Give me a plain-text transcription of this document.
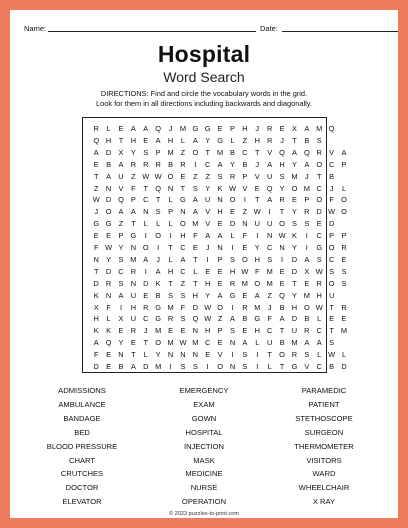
Name:	Date:
Hospital
Word Search
DIRECTIONS: Find and circle the vocabulary words in the grid.
Look for them in all directions including backwards and diagonally.
R	L	E	A	A Q	J	M G G E	P H	J	R E	X	A M Q
Q H	T	H E	A H	L	A	Y G	L	Z	H R	J	T	B	S
A D X	Y	S	P M Z O T M B C	T	V Q A Q R V	A
E	B	A R R R B R	I	C A	Y	B	J	A H Y	A O C P
T	A U	Z W W O E	Z	Z	S R P	V U S M	J	T	B
Z	N V	F	T Q N	T	S	Y	K W V	E Q Y O M C	J	L
W D Q P C	T	L	G A U N O	I	T	A R E	P O F O
J	O A	A N S	P N A	V H E	Z W	I	T	Y R D W O
G G Z	T	L	L	L	O M V	E D N U U O S	S	E D
E	E	P G	I	O	I	H	F	A	A	L	F	I	N W K	I	C P	P
F W Y N O	I	T	C E	J	N	I	E	Y C N Y	I	G O R
N Y	S M A	J	L	A	T	I	P	S O H S	I	D A	S C E
T	D C R	I	A H C	L	E	E H W F M E D X W S	S
D R S N D K	T	Z	T	H E R M O M E	T	E R O S
K N A U E	B	S	S H Y	A G E	A	Z Q Y M H U
X	F	I	H R G M F	D W O	I	R M	J	B H O W T	R
H	L	X U C G R S Q W Z	A	B G F	A D B	L	E	E
K	K	E R	J	M E	E N H P	S	E H C	T	U R C	T M
A Q Y	E	T O M W M C E N A	L	U B M A	A	S
F	E N	T	L	Y N N N E	V	I	S	I	T O R S	L W L
D E	B	A D M	I	S	S	I	O N S	I	L	T G V C B D
ADMISSIONS
AMBULANCE
BANDAGE
BED
BLOOD PRESSURE
CHART
CRUTCHES
DOCTOR
ELEVATOR
EMERGENCY
EXAM
GOWN
HOSPITAL
INJECTION
MASK
MEDICINE
NURSE
OPERATION
PARAMEDIC
PATIENT
STETHOSCOPE
SURGEON
THERMOMETER
VISITORS
WARD
WHEELCHAIR
X RAY
© 2023 puzzles-to-print.com
